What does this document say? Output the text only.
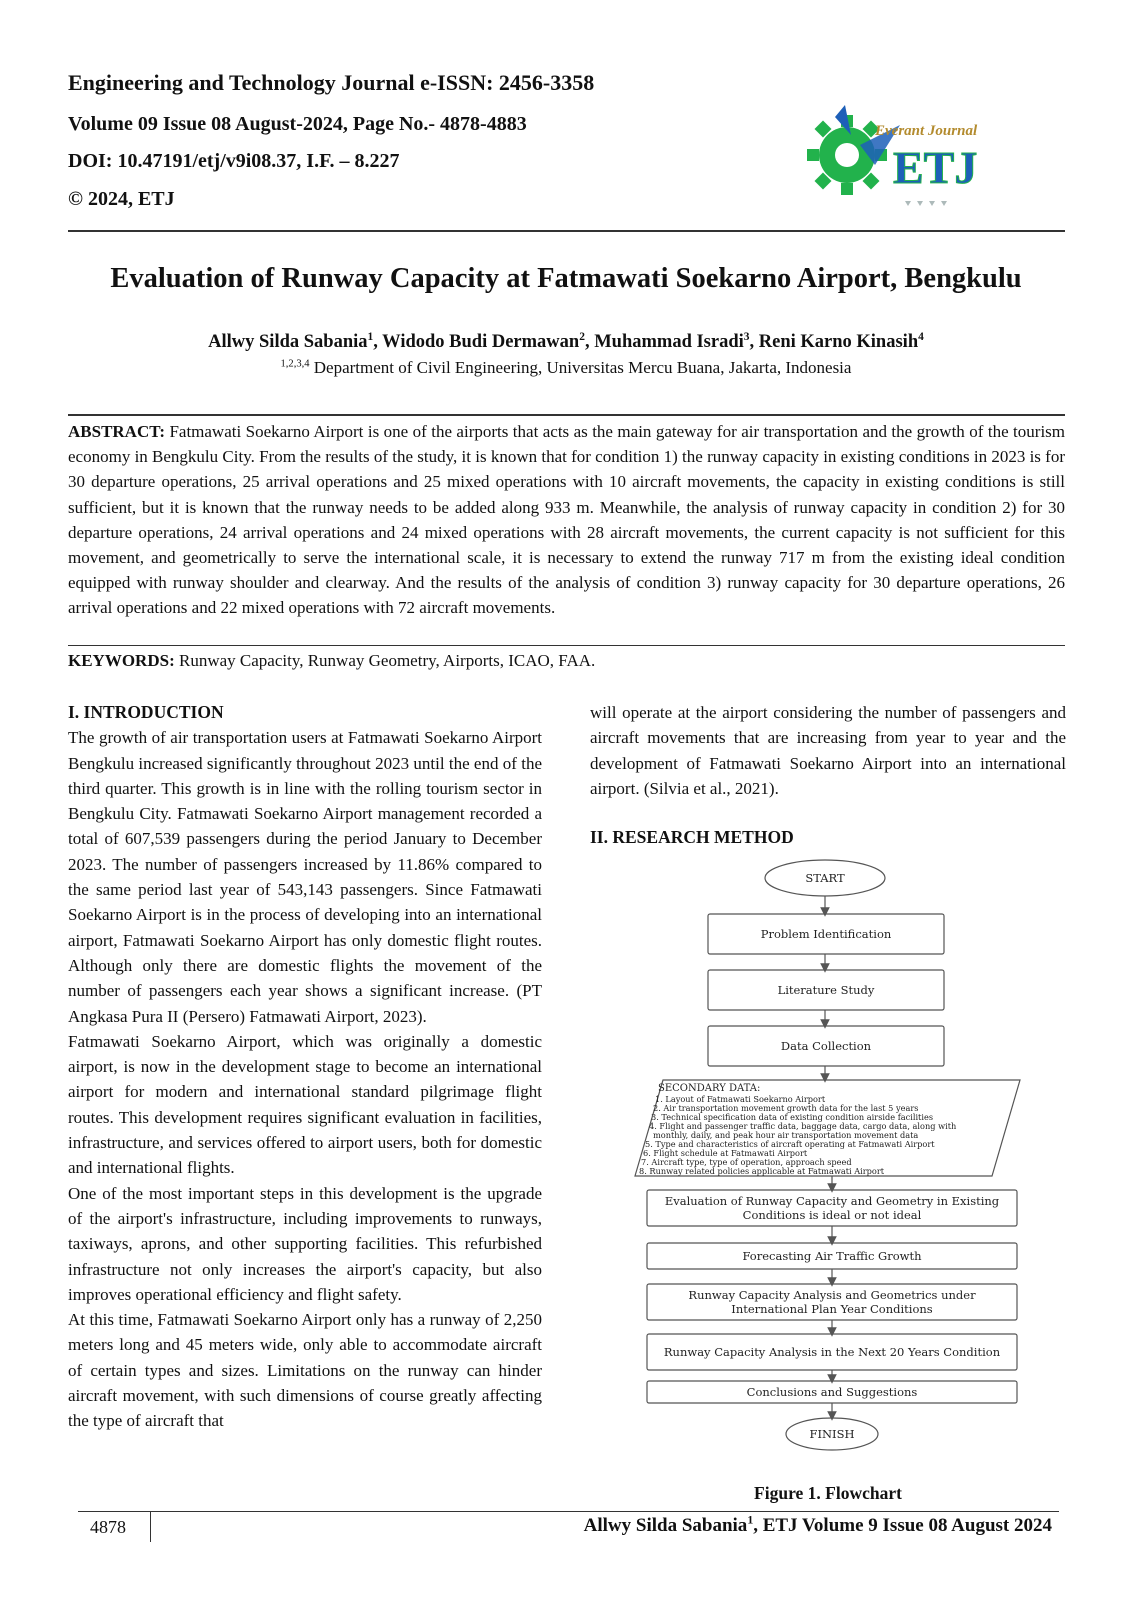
Engineering and Technology Journal e-ISSN: 2456-3358
Volume 09 Issue 08 August-2024, Page No.- 4878-4883
DOI: 10.47191/etj/v9i08.37, I.F. – 8.227
© 2024, ETJ
Everant Journal
ETJ
Evaluation of Runway Capacity at Fatmawati Soekarno Airport, Bengkulu
Allwy Silda Sabania$^1$, Widodo Budi Dermawan$^2$, Muhammad Isradi$^3$, Reni Karno Kinasih$^4$
$^{1,2,3,4}$ Department of Civil Engineering, Universitas Mercu Buana, Jakarta, Indonesia
ABSTRACT: Fatmawati Soekarno Airport is one of the airports that acts as the main gateway for air transportation and the growth of the tourism economy in Bengkulu City. From the results of the study, it is known that for condition 1) the runway capacity in existing conditions in 2023 is for 30 departure operations, 25 arrival operations and 25 mixed operations with 10 aircraft movements, the capacity in existing conditions is still sufficient, but it is known that the runway needs to be added along 933 m. Meanwhile, the analysis of runway capacity in condition 2) for 30 departure operations, 24 arrival operations and 24 mixed operations with 28 aircraft movements, the current capacity is not sufficient for this movement, and geometrically to serve the international scale, it is necessary to extend the runway 717 m from the existing ideal condition equipped with runway shoulder and clearway. And the results of the analysis of condition 3) runway capacity for 30 departure operations, 26 arrival operations and 22 mixed operations with 72 aircraft movements.
KEYWORDS: Runway Capacity, Runway Geometry, Airports, ICAO, FAA.
I. INTRODUCTION

The growth of air transportation users at Fatmawati Soekarno Airport Bengkulu increased significantly throughout 2023 until the end of the third quarter. This growth is in line with the rolling tourism sector in Bengkulu City. Fatmawati Soekarno Airport management recorded a total of 607,539 passengers during the period January to December 2023. The number of passengers increased by 11.86% compared to the same period last year of 543,143 passengers. Since Fatmawati Soekarno Airport is in the process of developing into an international airport, Fatmawati Soekarno Airport has only domestic flight routes. Although only there are domestic flights the movement of the number of passengers each year shows a significant increase. (PT Angkasa Pura II (Persero) Fatmawati Airport, 2023).

Fatmawati Soekarno Airport, which was originally a domestic airport, is now in the development stage to become an international airport for modern and international standard pilgrimage flight routes. This development requires significant evaluation in facilities, infrastructure, and services offered to airport users, both for domestic and international flights.

One of the most important steps in this development is the upgrade of the airport's infrastructure, including improvements to runways, taxiways, aprons, and other supporting facilities. This refurbished infrastructure not only increases the airport's capacity, but also improves operational efficiency and flight safety.

At this time, Fatmawati Soekarno Airport only has a runway of 2,250 meters long and 45 meters wide, only able to accommodate aircraft of certain types and sizes. Limitations on the runway can hinder aircraft movement, with such dimensions of course greatly affecting the type of aircraft that

will operate at the airport considering the number of passengers and aircraft movements that are increasing from year to year and the development of Fatmawati Soekarno Airport into an international airport. (Silvia et al., 2021).

II. RESEARCH METHOD
START
Problem Identification
Literature Study
Data Collection
Evaluation of Runway Capacity and Geometry in Existing
Conditions is ideal or not ideal
Forecasting Air Traffic Growth
Runway Capacity Analysis and Geometrics under
International Plan Year Conditions
Runway Capacity Analysis in the Next 20 Years Condition
Conclusions and Suggestions
FINISH
SECONDARY DATA:
1. Layout of Fatmawati Soekarno Airport
2. Air transportation movement growth data for the last 5 years
3. Technical specification data of existing condition airside facilities
4. Flight and passenger traffic data, baggage data, cargo data, along with
monthly, daily, and peak hour air transportation movement data
5. Type and characteristics of aircraft operating at Fatmawati Airport
6. Flight schedule at Fatmawati Airport
7. Aircraft type, type of operation, approach speed
8. Runway related policies applicable at Fatmawati Airport
Figure 1. Flowchart
4878	Allwy Silda Sabania$^1$, ETJ Volume 9 Issue 08 August 2024
